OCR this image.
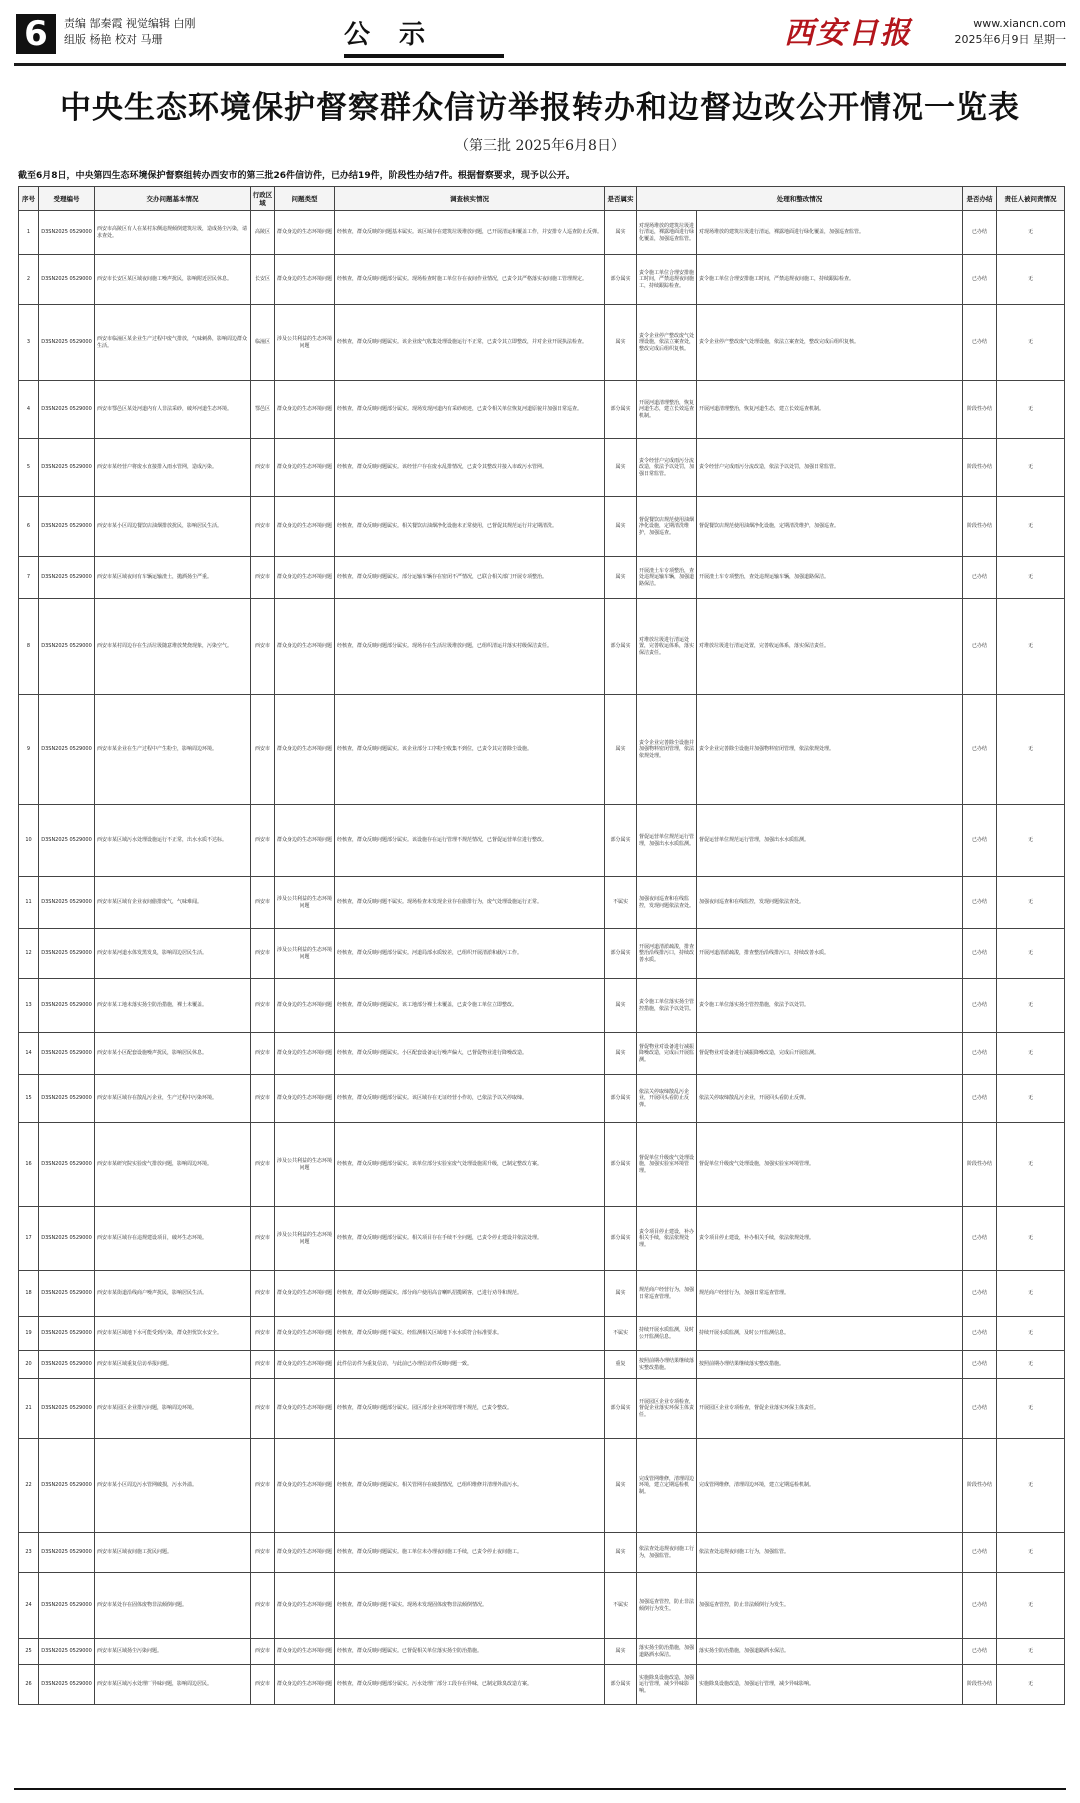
6	责编 郜秦霞 视觉编辑 白刚
组版 杨艳 校对 马珊	公 示	西安日报	www.xiancn.com
2025年6月9日 星期一
中央生态环境保护督察群众信访举报转办和边督边改公开情况一览表
（第三批 2025年6月8日）

截至6月8日，中央第四生态环境保护督察组转办西安市的第三批26件信访件，已办结19件，阶段性办结7件。根据督察要求，现予以公开。

序号	受理编号	交办问题基本情况	行政区域	问题类型	调查核实情况	是否属实	处理和整改情况		是否办结	责任人被问责情况
1	D3SN2025 0529000	西安市高陵区有人在某村东侧违规倾倒建筑垃圾，造成扬尘污染，请求查处。	高陵区	群众身边的生态环境问题	经核查，群众反映的问题基本属实。该区域存在建筑垃圾堆放问题，已开展清运和覆盖工作，并安排专人巡查防止反弹。	属实	对现场堆放的建筑垃圾进行清运，裸露地面进行绿化覆盖，加强巡查监管。	对现场堆放的建筑垃圾进行清运，裸露地面进行绿化覆盖，加强巡查监管。	已办结	无
2	D3SN2025 0529000	西安市长安区某区域夜间施工噪声扰民，影响附近居民休息。	长安区	群众身边的生态环境问题	经核查，群众反映问题部分属实。现场检查时施工单位存在夜间作业情况，已责令其严格落实夜间施工管理规定。	部分属实	责令施工单位合理安排施工时间，严禁违规夜间施工，持续跟踪检查。	责令施工单位合理安排施工时间，严禁违规夜间施工，持续跟踪检查。	已办结	无
3	D3SN2025 0529000	西安市临潼区某企业生产过程中废气排放，气味刺鼻，影响周边群众生活。	临潼区	涉及公共利益的生态环境问题	经核查，群众反映问题属实。该企业废气收集处理设施运行不正常，已责令其立即整改，并对企业开展执法检查。	属实	责令企业停产整改废气处理设施，依法立案查处，整改完成后组织复核。	责令企业停产整改废气处理设施，依法立案查处，整改完成后组织复核。	已办结	无
4	D3SN2025 0529000	西安市鄠邑区某处河道内有人非法采砂，破坏河道生态环境。	鄠邑区	群众身边的生态环境问题	经核查，群众反映问题部分属实。现场发现河道内有采砂痕迹，已责令相关单位恢复河道原貌并加强日常巡查。	部分属实	开展河道清理整治，恢复河道生态，建立长效巡查机制。	开展河道清理整治，恢复河道生态，建立长效巡查机制。	阶段性办结	无
5	D3SN2025 0529000	西安市某经营户将废水直接排入雨水管网，造成污染。	西安市	群众身边的生态环境问题	经核查，群众反映问题属实。该经营户存在废水乱排情况，已责令其整改并接入市政污水管网。	属实	责令经营户完成雨污分流改造，依法予以处罚，加强日常监管。	责令经营户完成雨污分流改造，依法予以处罚，加强日常监管。	阶段性办结	无
6	D3SN2025 0529000	西安市某小区周边餐饮店油烟排放扰民，影响居民生活。	西安市	群众身边的生态环境问题	经核查，群众反映问题属实。相关餐饮店油烟净化设施未正常使用，已督促其规范运行并定期清洗。	属实	督促餐饮店规范使用油烟净化设施，定期清洗维护，加强巡查。	督促餐饮店规范使用油烟净化设施，定期清洗维护，加强巡查。	阶段性办结	无
7	D3SN2025 0529000	西安市某区域夜间有车辆运输渣土，抛洒扬尘严重。	西安市	群众身边的生态环境问题	经核查，群众反映问题属实。部分运输车辆存在密闭不严情况，已联合相关部门开展专项整治。	属实	开展渣土车专项整治，查处违规运输车辆，加强道路保洁。	开展渣土车专项整治，查处违规运输车辆，加强道路保洁。	已办结	无
8	D3SN2025 0529000	西安市某村周边存在生活垃圾随意堆放焚烧现象，污染空气。	西安市	群众身边的生态环境问题	经核查，群众反映问题部分属实。现场存在生活垃圾堆放问题，已组织清运并落实村级保洁责任。	部分属实	对堆放垃圾进行清运处置，完善收运体系，落实保洁责任。	对堆放垃圾进行清运处置，完善收运体系，落实保洁责任。	已办结	无
9	D3SN2025 0529000	西安市某企业在生产过程中产生粉尘，影响周边环境。	西安市	群众身边的生态环境问题	经核查，群众反映问题属实。该企业部分工序粉尘收集不到位，已责令其完善除尘设施。	属实	责令企业完善除尘设施并加强物料密闭管理，依法依规处理。	责令企业完善除尘设施并加强物料密闭管理，依法依规处理。	已办结	无
10	D3SN2025 0529000	西安市某区域污水处理设施运行不正常，出水水质不达标。	西安市	群众身边的生态环境问题	经核查，群众反映问题部分属实。该设施存在运行管理不规范情况，已督促运营单位进行整改。	部分属实	督促运营单位规范运行管理，加强出水水质监测。	督促运营单位规范运行管理，加强出水水质监测。	已办结	无
11	D3SN2025 0529000	西安市某区域有企业夜间偷排废气，气味难闻。	西安市	涉及公共利益的生态环境问题	经核查，群众反映问题不属实。现场检查未发现企业存在偷排行为，废气处理设施运行正常。	不属实	加强夜间巡查和在线监控，发现问题依法查处。	加强夜间巡查和在线监控，发现问题依法查处。	已办结	无
12	D3SN2025 0529000	西安市某河道水体发黑发臭，影响周边居民生活。	西安市	涉及公共利益的生态环境问题	经核查，群众反映问题部分属实。河道局部水质较差，已组织开展清淤和截污工作。	部分属实	开展河道清淤疏浚，排查整治沿线排污口，持续改善水质。	开展河道清淤疏浚，排查整治沿线排污口，持续改善水质。	已办结	无
13	D3SN2025 0529000	西安市某工地未落实扬尘防治措施，裸土未覆盖。	西安市	群众身边的生态环境问题	经核查，群众反映问题属实。该工地部分裸土未覆盖，已责令施工单位立即整改。	属实	责令施工单位落实扬尘管控措施，依法予以处罚。	责令施工单位落实扬尘管控措施，依法予以处罚。	已办结	无
14	D3SN2025 0529000	西安市某小区配套设施噪声扰民，影响居民休息。	西安市	群众身边的生态环境问题	经核查，群众反映问题属实。小区配套设备运行噪声偏大，已督促物业进行降噪改造。	属实	督促物业对设备进行减振降噪改造，完成后开展监测。	督促物业对设备进行减振降噪改造，完成后开展监测。	已办结	无
15	D3SN2025 0529000	西安市某区域存在散乱污企业，生产过程中污染环境。	西安市	群众身边的生态环境问题	经核查，群众反映问题部分属实。该区域存在无证经营小作坊，已依法予以关停取缔。	部分属实	依法关停取缔散乱污企业，开展回头看防止反弹。	依法关停取缔散乱污企业，开展回头看防止反弹。	已办结	无
16	D3SN2025 0529000	西安市某研究院实验废气排放问题，影响周边环境。	西安市	涉及公共利益的生态环境问题	经核查，群众反映问题部分属实。该单位部分实验室废气处理设施需升级，已制定整改方案。	部分属实	督促单位升级废气处理设施，加强实验室环境管理。	督促单位升级废气处理设施，加强实验室环境管理。	阶段性办结	无
17	D3SN2025 0529000	西安市某区域存在违规建设项目，破坏生态环境。	西安市	涉及公共利益的生态环境问题	经核查，群众反映问题部分属实。相关项目存在手续不全问题，已责令停止建设并依法处理。	部分属实	责令项目停止建设，补办相关手续，依法依规处理。	责令项目停止建设，补办相关手续，依法依规处理。	已办结	无
18	D3SN2025 0529000	西安市某街道沿线商户噪声扰民，影响居民生活。	西安市	群众身边的生态环境问题	经核查，群众反映问题属实。部分商户使用高音喇叭招揽顾客，已进行劝导和规范。	属实	规范商户经营行为，加强日常巡查管理。	规范商户经营行为，加强日常巡查管理。	已办结	无
19	D3SN2025 0529000	西安市某区域地下水可能受到污染，群众担忧饮水安全。	西安市	群众身边的生态环境问题	经核查，群众反映问题不属实。经监测相关区域地下水水质符合标准要求。	不属实	持续开展水质监测，及时公开监测信息。	持续开展水质监测，及时公开监测信息。	已办结	无
20	D3SN2025 0529000	西安市某区域重复信访举报问题。	西安市	群众身边的生态环境问题	此件信访件为重复信访，与此前已办理信访件反映问题一致。	重复	按照前期办理结果继续落实整改措施。	按照前期办理结果继续落实整改措施。	已办结	无
21	D3SN2025 0529000	西安市某园区企业排污问题，影响周边环境。	西安市	群众身边的生态环境问题	经核查，群众反映问题部分属实。园区部分企业环境管理不规范，已责令整改。	部分属实	开展园区企业专项检查，督促企业落实环保主体责任。	开展园区企业专项检查，督促企业落实环保主体责任。	已办结	无
22	D3SN2025 0529000	西安市某小区周边污水管网破损，污水外溢。	西安市	群众身边的生态环境问题	经核查，群众反映问题属实。相关管网存在破损情况，已组织维修并清理外溢污水。	属实	完成管网维修，清理周边环境，建立定期巡检机制。	完成管网维修，清理周边环境，建立定期巡检机制。	阶段性办结	无
23	D3SN2025 0529000	西安市某区域夜间施工扰民问题。	西安市	群众身边的生态环境问题	经核查，群众反映问题属实。施工单位未办理夜间施工手续，已责令停止夜间施工。	属实	依法查处违规夜间施工行为，加强监管。	依法查处违规夜间施工行为，加强监管。	已办结	无
24	D3SN2025 0529000	西安市某处存在固体废物非法倾倒问题。	西安市	群众身边的生态环境问题	经核查，群众反映问题不属实。现场未发现固体废物非法倾倒情况。	不属实	加强巡查管控，防止非法倾倒行为发生。	加强巡查管控，防止非法倾倒行为发生。	已办结	无
25	D3SN2025 0529000	西安市某区域扬尘污染问题。	西安市	群众身边的生态环境问题	经核查，群众反映问题属实。已督促相关单位落实扬尘防治措施。	属实	落实扬尘防治措施，加强道路洒水保洁。	落实扬尘防治措施，加强道路洒水保洁。	已办结	无
26	D3SN2025 0529000	西安市某区域污水处理厂异味问题，影响周边居民。	西安市	群众身边的生态环境问题	经核查，群众反映问题部分属实。污水处理厂部分工段存在异味，已制定除臭改造方案。	部分属实	实施除臭设施改造，加强运行管理，减少异味影响。	实施除臭设施改造，加强运行管理，减少异味影响。	阶段性办结	无
